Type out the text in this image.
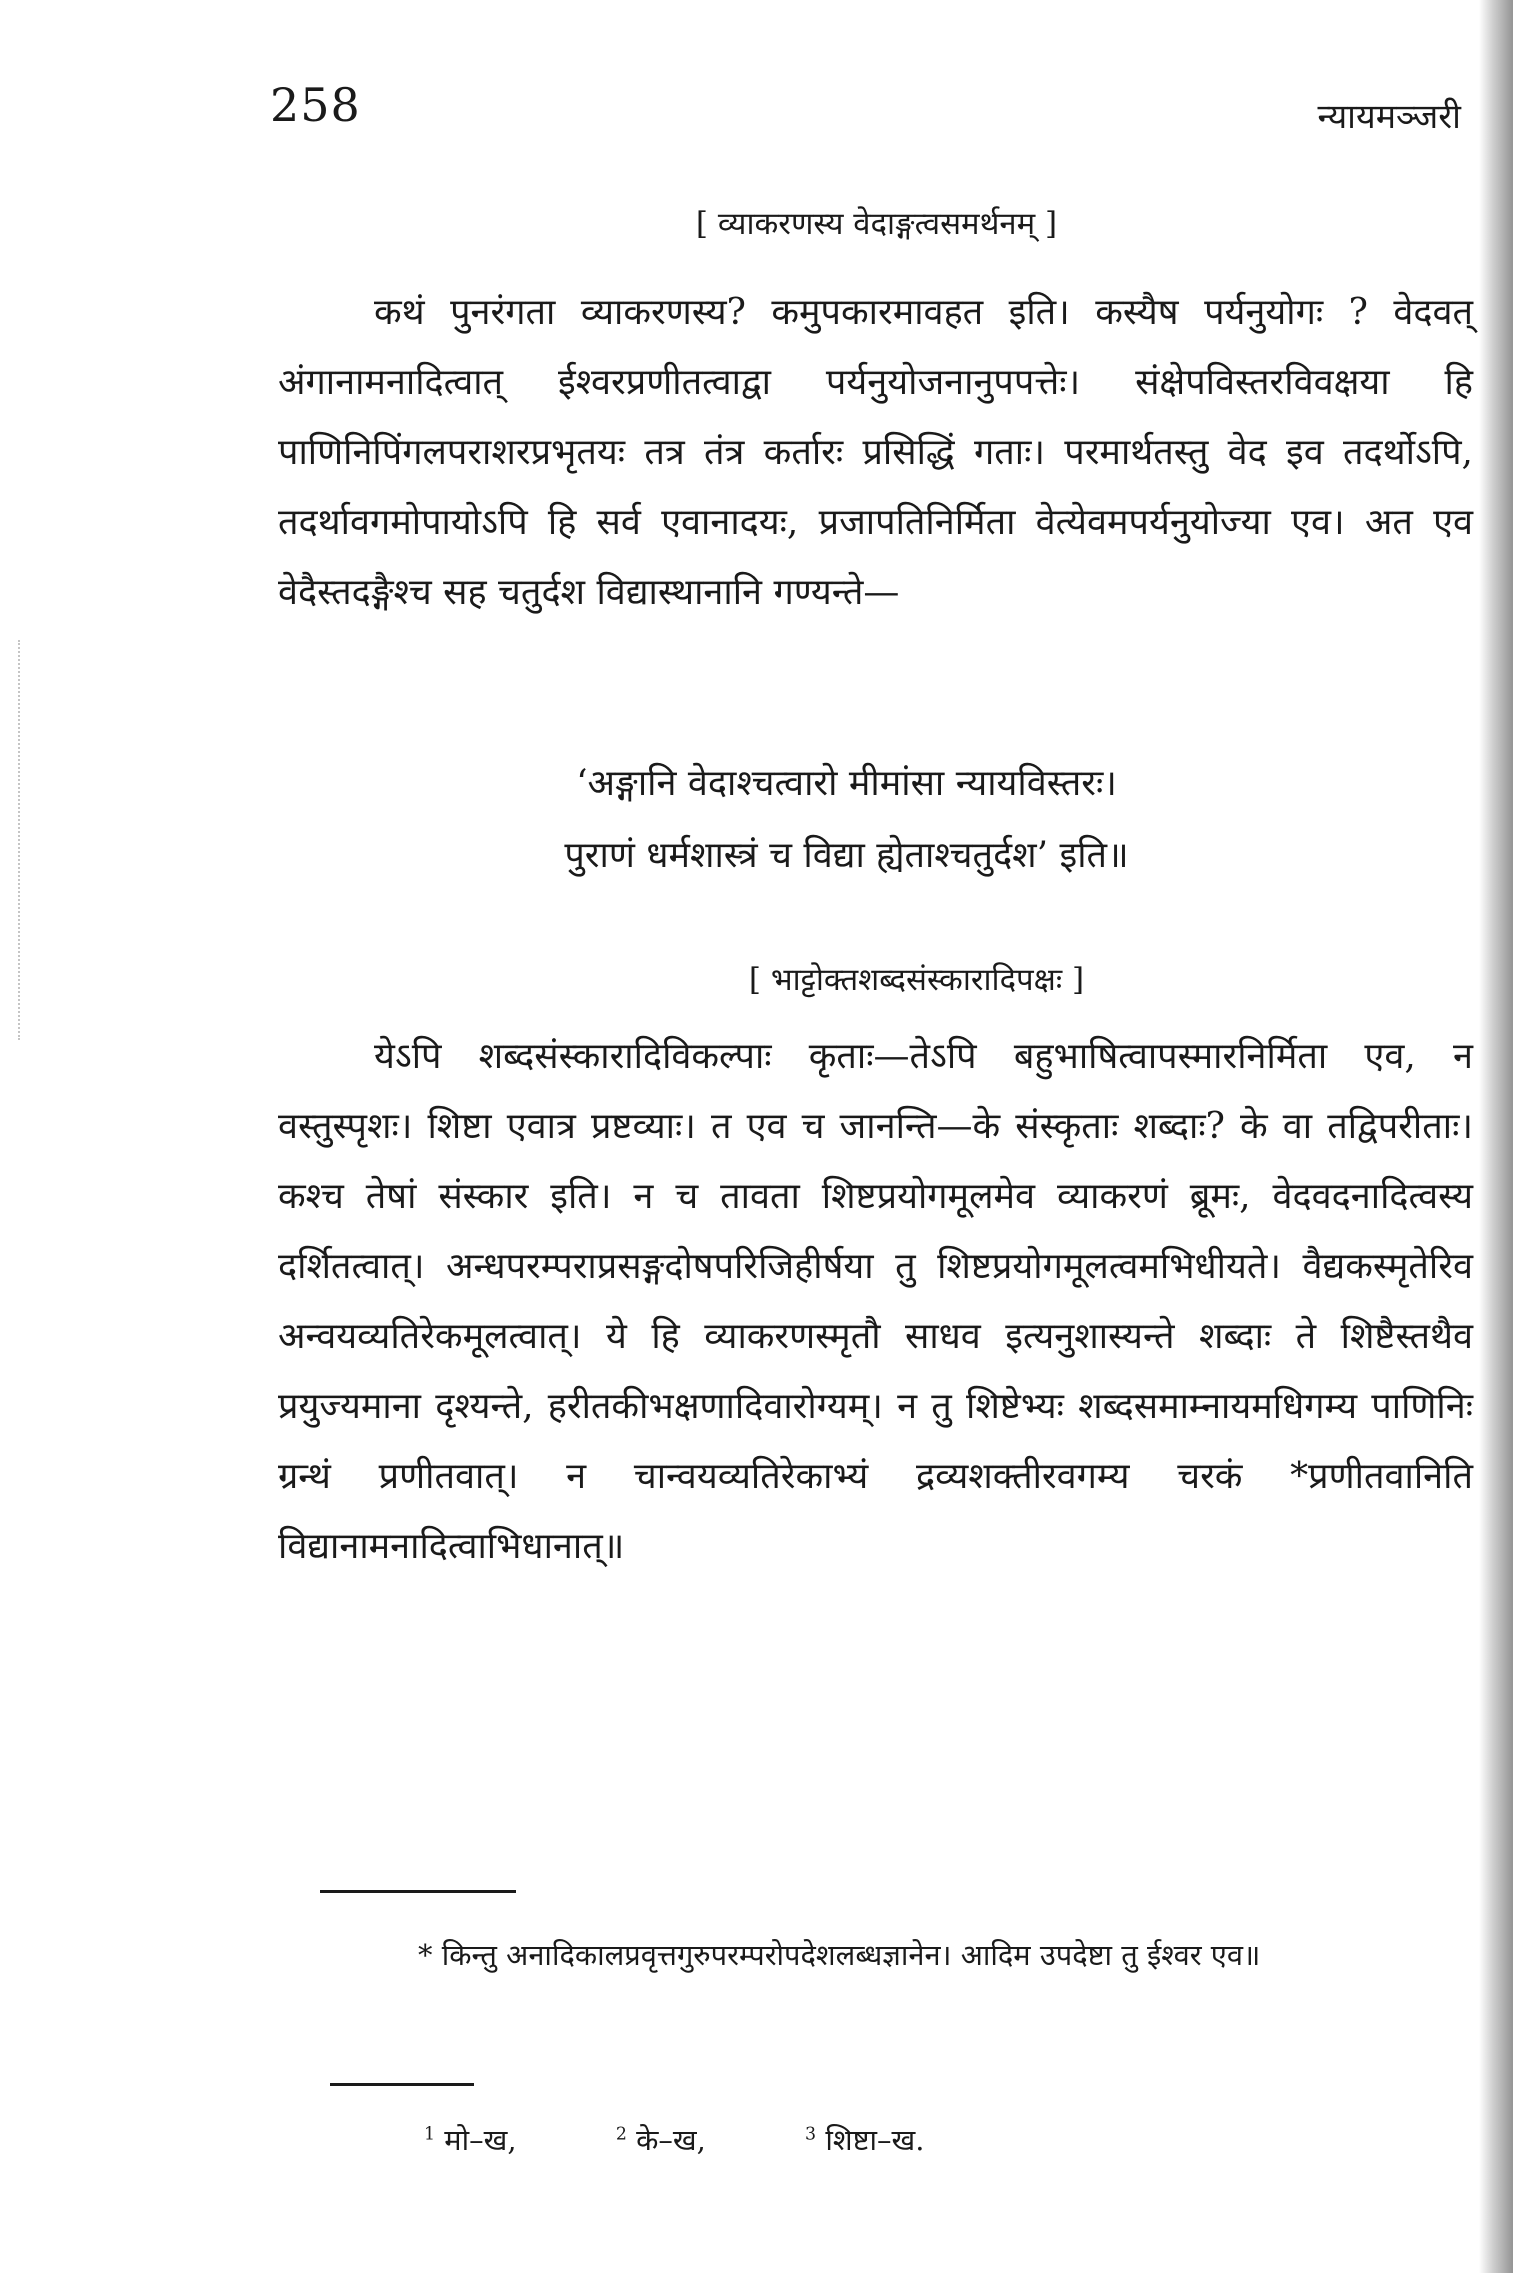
258	न्यायमञ्जरी
[ व्याकरणस्य वेदाङ्गत्वसमर्थनम् ]
कथं पुनरंगता व्याकरणस्य? कमुपकारमावहत इति। कस्यैष पर्यनुयोगः ? वेदवत् अंगानामनादित्वात् ईश्वरप्रणीतत्वाद्वा पर्यनुयोजनानुपपत्तेः। संक्षेपविस्तरविवक्षया हि पाणिनिपिंगलपराशरप्रभृतयः तत्र तंत्र कर्तारः प्रसिद्धिं गताः। परमार्थतस्तु वेद इव तदर्थोऽपि, तदर्थावगमोपायोऽपि हि सर्व एवानादयः, प्रजापतिनिर्मिता वेत्येवमपर्यनुयोज्या एव। अत एव वेदैस्तदङ्गैश्च सह चतुर्दश विद्यास्थानानि गण्यन्ते—
‘अङ्गानि वेदाश्चत्वारो मीमांसा न्यायविस्तरः।
पुराणं धर्मशास्त्रं च विद्या ह्येताश्चतुर्दश’ इति॥
[ भाट्टोक्तशब्दसंस्कारादिपक्षः ]
येऽपि शब्दसंस्कारादिविकल्पाः कृताः—तेऽपि बहुभाषित्वापस्मारनिर्मिता एव, न वस्तुस्पृशः। शिष्टा एवात्र प्रष्टव्याः। त एव च जानन्ति—के संस्कृताः शब्दाः? के वा तद्विपरीताः। कश्च तेषां संस्कार इति। न च तावता शिष्टप्रयोगमूलमेव व्याकरणं ब्रूमः, वेदवदनादित्वस्य दर्शितत्वात्। अन्धपरम्पराप्रसङ्गदोषपरिजिहीर्षया तु शिष्टप्रयोगमूलत्वमभिधीयते। वैद्यकस्मृतेरिव अन्वयव्यतिरेकमूलत्वात्। ये हि व्याकरणस्मृतौ साधव इत्यनुशास्यन्ते शब्दाः ते शिष्टैस्तथैव प्रयुज्यमाना दृश्यन्ते, हरीतकीभक्षणादिवारोग्यम्। न तु शिष्टेभ्यः शब्दसमाम्नायमधिगम्य पाणिनिः ग्रन्थं प्रणीतवात्। न चान्वयव्यतिरेकाभ्यं द्रव्यशक्तीरवगम्य चरकं *प्रणीतवानिति विद्यानामनादित्वाभिधानात्॥
* किन्तु अनादिकालप्रवृत्तगुरुपरम्परोपदेशलब्धज्ञानेन। आदिम उपदेष्टा तु ईश्वर एव॥
$^1$ मो–ख,	$^2$ के–ख,	$^3$ शिष्टा–ख.
